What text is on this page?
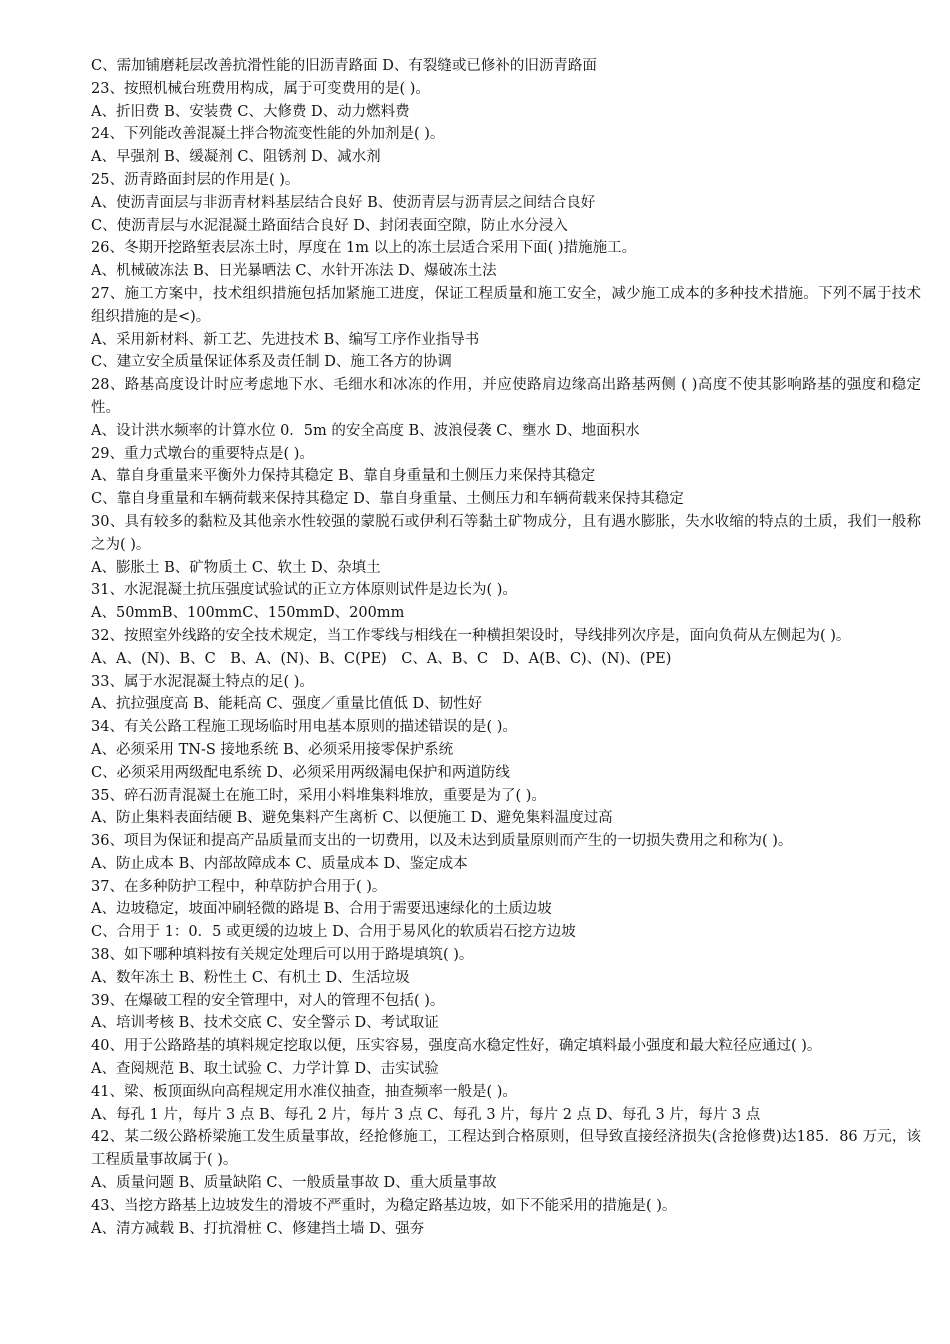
C、需加铺磨耗层改善抗滑性能的旧沥青路面 D、有裂缝或已修补的旧沥青路面
23、按照机械台班费用构成，属于可变费用的是( )。
A、折旧费 B、安装费 C、大修费 D、动力燃料费
24、下列能改善混凝土拌合物流变性能的外加剂是( )。
A、早强剂 B、缓凝剂 C、阻锈剂 D、减水剂
25、沥青路面封层的作用是( )。
A、使沥青面层与非沥青材料基层结合良好 B、使沥青层与沥青层之间结合良好
C、使沥青层与水泥混凝土路面结合良好 D、封闭表面空隙，防止水分浸入
26、冬期开挖路堑表层冻土时，厚度在 1m 以上的冻土层适合采用下面( )措施施工。
A、机械破冻法 B、日光暴晒法 C、水针开冻法 D、爆破冻土法
27、施工方案中，技术组织措施包括加紧施工进度，保证工程质量和施工安全，减少施工成本的多种技术措施。下列不属于技术组织措施的是<)。
A、采用新材料、新工艺、先进技术 B、编写工序作业指导书
C、建立安全质量保证体系及责任制 D、施工各方的协调
28、路基高度设计时应考虑地下水、毛细水和冰冻的作用，并应使路肩边缘高出路基两侧 ( )高度不使其影响路基的强度和稳定性。
A、设计洪水频率的计算水位 0．5m 的安全高度 B、波浪侵袭 C、壅水 D、地面积水
29、重力式墩台的重要特点是( )。
A、靠自身重量来平衡外力保持其稳定 B、靠自身重量和土侧压力来保持其稳定
C、靠自身重量和车辆荷载来保持其稳定 D、靠自身重量、土侧压力和车辆荷载来保持其稳定
30、具有较多的黏粒及其他亲水性较强的蒙脱石或伊利石等黏土矿物成分，且有遇水膨胀，失水收缩的特点的土质，我们一般称之为( )。
A、膨胀土 B、矿物质土 C、软土 D、杂填土
31、水泥混凝土抗压强度试验试的正立方体原则试件是边长为( )。
A、50mmB、100mmC、150mmD、200mm
32、按照室外线路的安全技术规定，当工作零线与相线在一种横担架设时，导线排列次序是，面向负荷从左侧起为( )。
A、A、(N)、B、C　B、A、(N)、B、C(PE)　C、A、B、C　D、A(B、C)、(N)、(PE)
33、属于水泥混凝土特点的足( )。
A、抗拉强度高 B、能耗高 C、强度／重量比值低 D、韧性好
34、有关公路工程施工现场临时用电基本原则的描述错误的是( )。
A、必须采用 TN-S 接地系统 B、必须采用接零保护系统
C、必须采用两级配电系统 D、必须采用两级漏电保护和两道防线
35、碎石沥青混凝土在施工时，采用小料堆集料堆放，重要是为了( )。
A、防止集料表面结硬 B、避免集料产生离析 C、以便施工 D、避免集料温度过高
36、项目为保证和提高产品质量而支出的一切费用，以及未达到质量原则而产生的一切损失费用之和称为( )。
A、防止成本 B、内部故障成本 C、质量成本 D、鉴定成本
37、在多种防护工程中，种草防护合用于( )。
A、边坡稳定，坡面冲刷轻微的路堤 B、合用于需要迅速绿化的土质边坡
C、合用于 1：0．5 或更缓的边坡上 D、合用于易风化的软质岩石挖方边坡
38、如下哪种填料按有关规定处理后可以用于路堤填筑( )。
A、数年冻土 B、粉性土 C、有机土 D、生活垃圾
39、在爆破工程的安全管理中，对人的管理不包括( )。
A、培训考核 B、技术交底 C、安全警示 D、考试取证
40、用于公路路基的填料规定挖取以便，压实容易，强度高水稳定性好，确定填料最小强度和最大粒径应通过( )。
A、查阅规范 B、取土试验 C、力学计算 D、击实试验
41、梁、板顶面纵向高程规定用水准仪抽查，抽查频率一般是( )。
A、每孔 1 片，每片 3 点 B、每孔 2 片，每片 3 点 C、每孔 3 片，每片 2 点 D、每孔 3 片，每片 3 点
42、某二级公路桥梁施工发生质量事故，经抢修施工，工程达到合格原则，但导致直接经济损失(含抢修费)达185．86 万元，该工程质量事故属于( )。
A、质量问题 B、质量缺陷 C、一般质量事故 D、重大质量事故
43、当挖方路基上边坡发生的滑坡不严重时，为稳定路基边坡，如下不能采用的措施是( )。
A、清方减载 B、打抗滑桩 C、修建挡土墙 D、强夯
